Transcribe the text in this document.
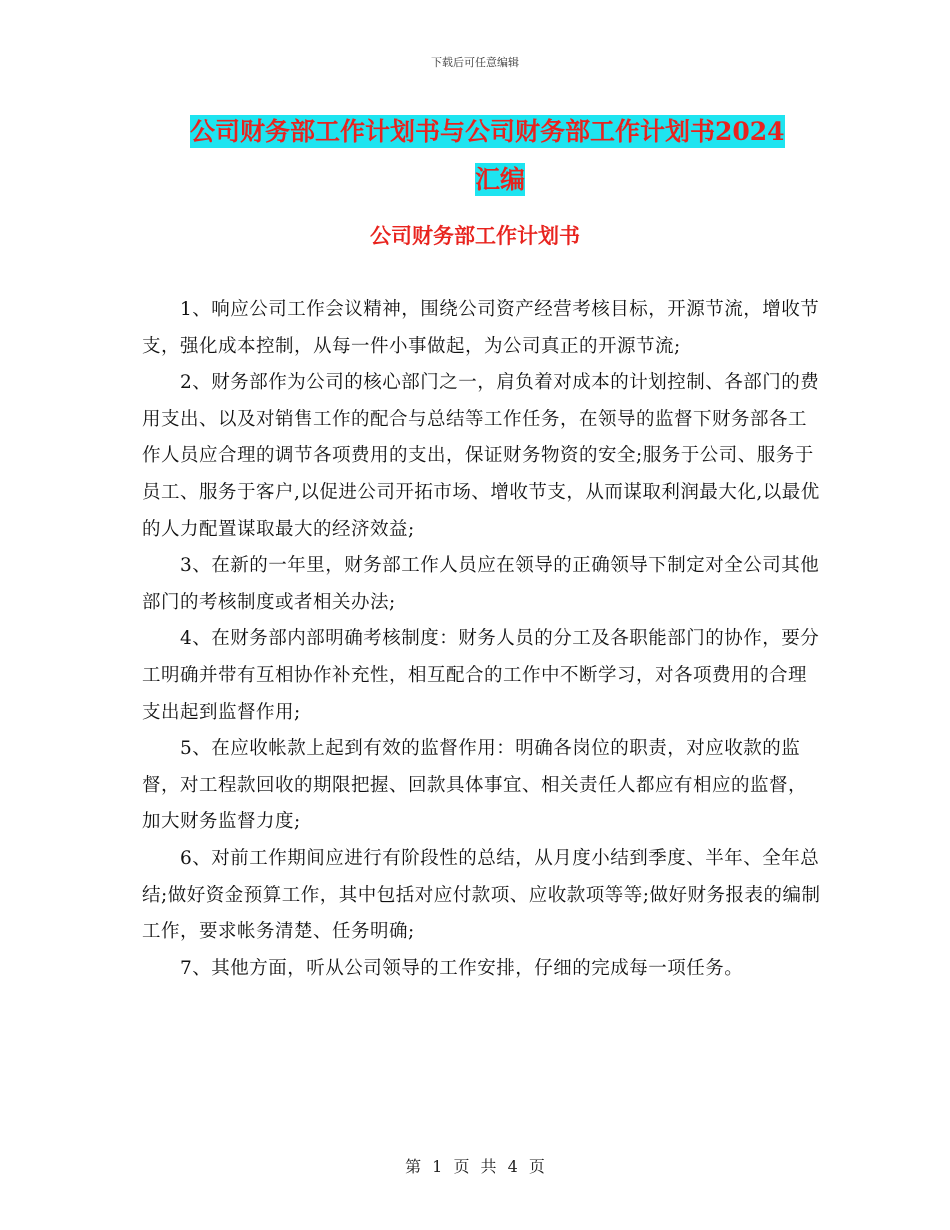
下载后可任意编辑
公司财务部工作计划书与公司财务部工作计划书2024
汇编
公司财务部工作计划书

1、响应公司工作会议精神，围绕公司资产经营考核目标，开源节流，增收节支，强化成本控制，从每一件小事做起，为公司真正的开源节流;

2、财务部作为公司的核心部门之一，肩负着对成本的计划控制、各部门的费用支出、以及对销售工作的配合与总结等工作任务，在领导的监督下财务部各工作人员应合理的调节各项费用的支出，保证财务物资的安全;服务于公司、服务于员工、服务于客户,以促进公司开拓市场、增收节支，从而谋取利润最大化,以最优的人力配置谋取最大的经济效益;

3、在新的一年里，财务部工作人员应在领导的正确领导下制定对全公司其他部门的考核制度或者相关办法;

4、在财务部内部明确考核制度：财务人员的分工及各职能部门的协作，要分工明确并带有互相协作补充性，相互配合的工作中不断学习，对各项费用的合理支出起到监督作用;

5、在应收帐款上起到有效的监督作用：明确各岗位的职责，对应收款的监督，对工程款回收的期限把握、回款具体事宜、相关责任人都应有相应的监督，加大财务监督力度;

6、对前工作期间应进行有阶段性的总结，从月度小结到季度、半年、全年总结;做好资金预算工作，其中包括对应付款项、应收款项等等;做好财务报表的编制工作，要求帐务清楚、任务明确;

7、其他方面，听从公司领导的工作安排，仔细的完成每一项任务。

第 1 页 共 4 页
